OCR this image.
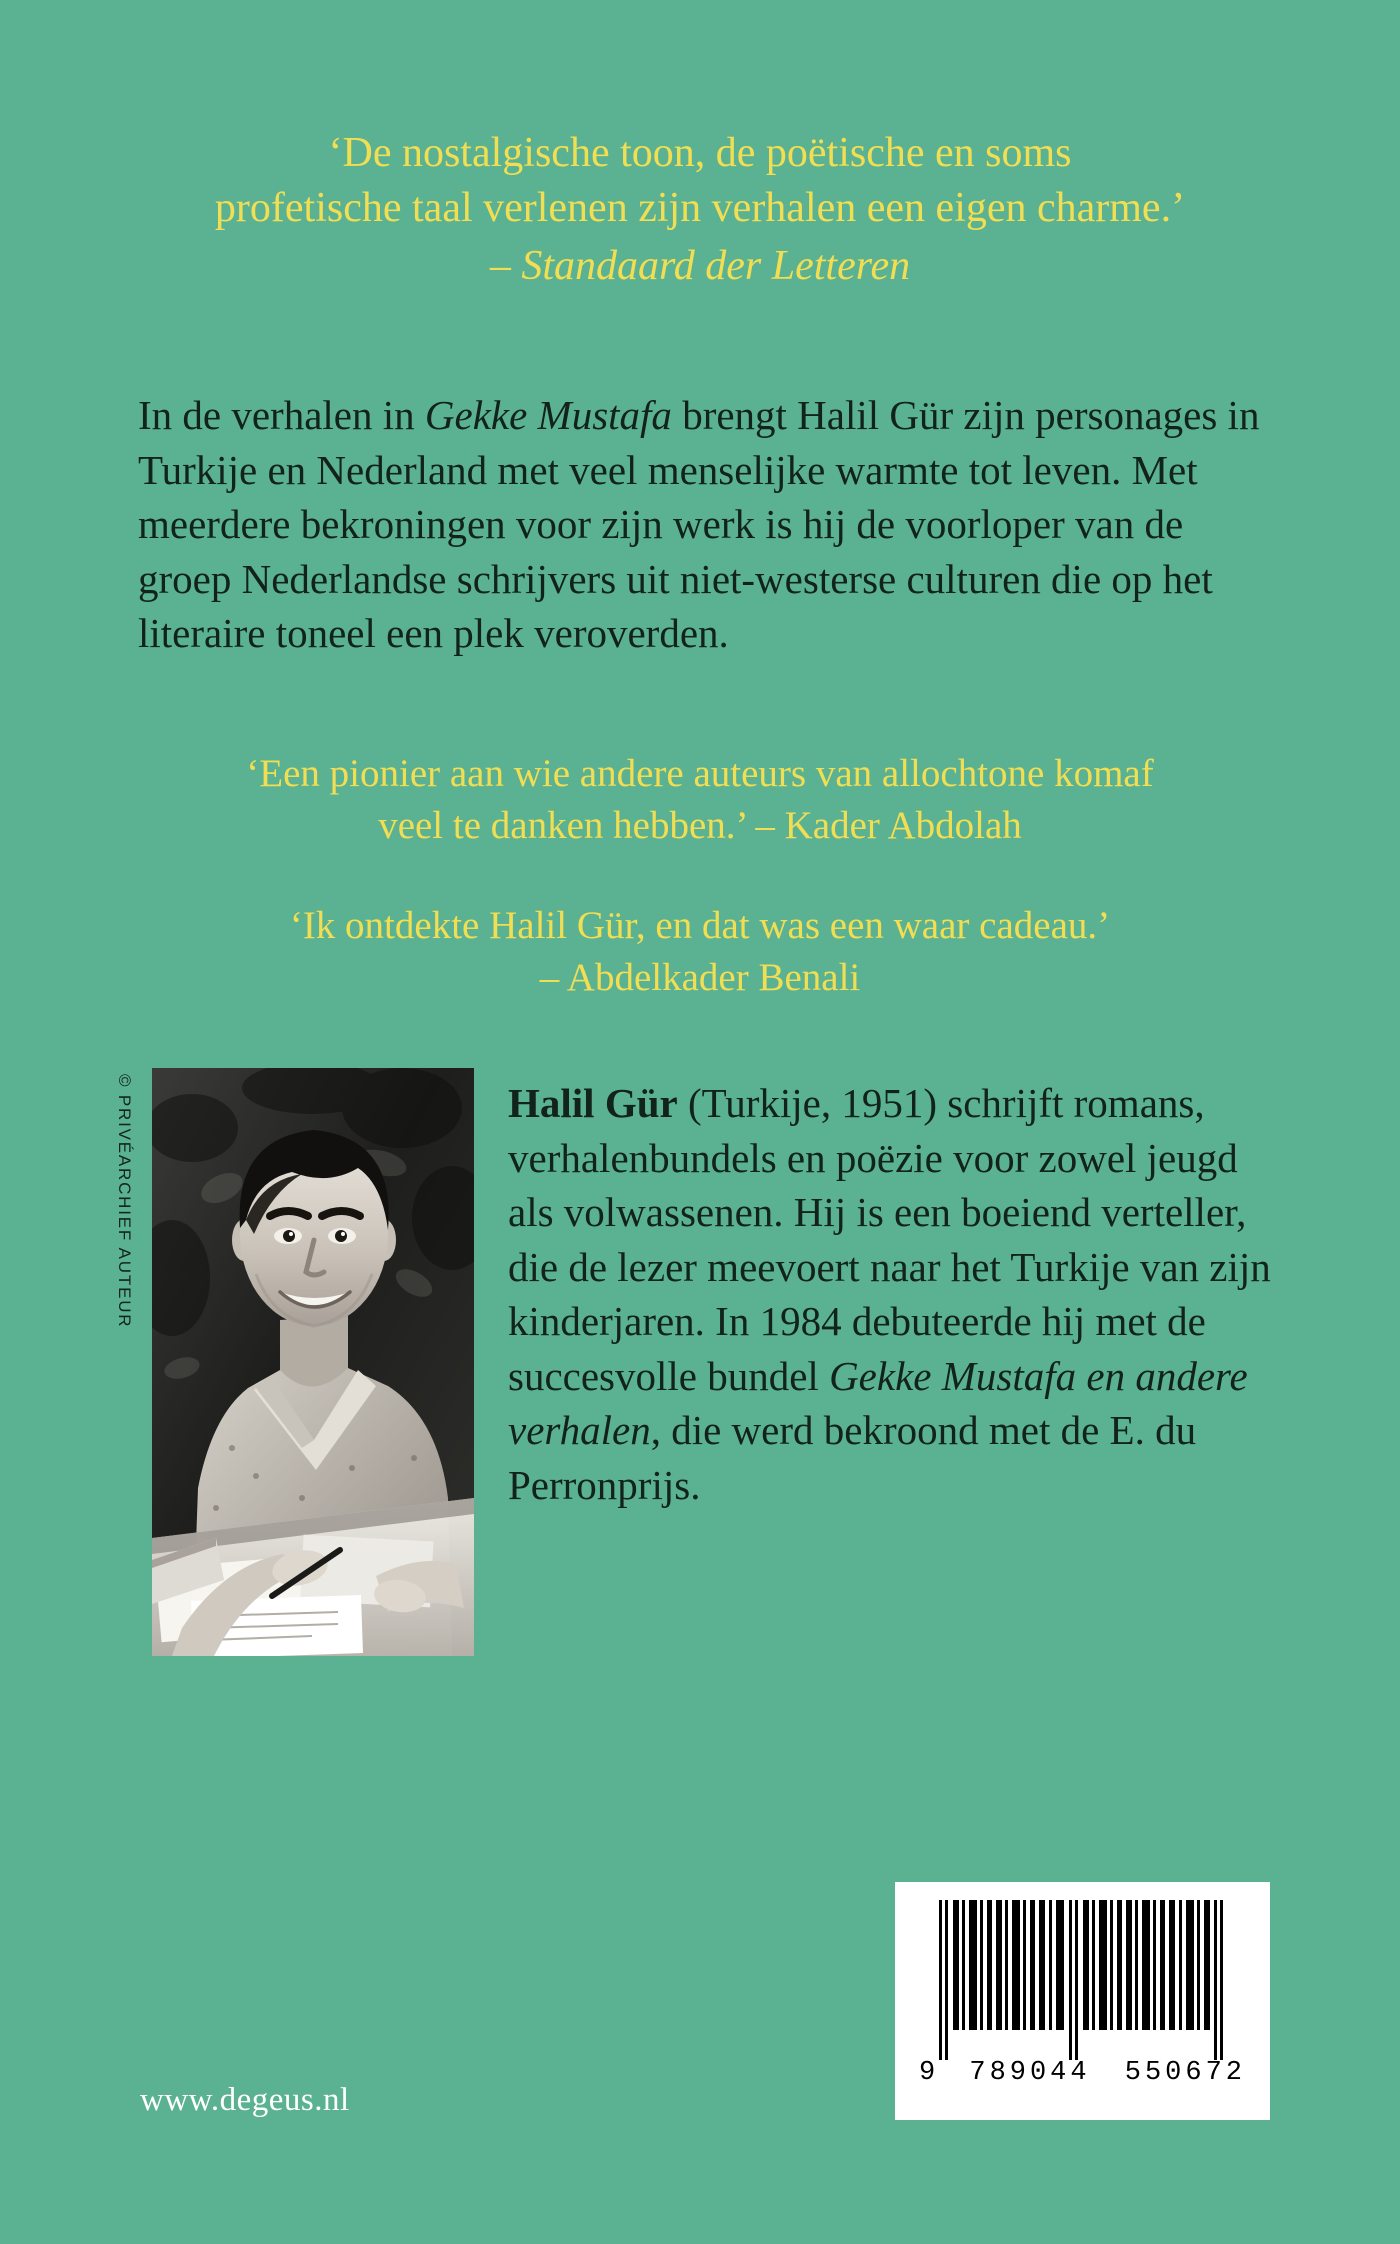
‘De nostalgische toon, de poëtische en soms
profetische taal verlenen zijn verhalen een eigen charme.’
– Standaard der Letteren
In de verhalen in Gekke Mustafa brengt Halil Gür zijn personages in Turkije en Nederland met veel menselijke warmte tot leven. Met meerdere bekroningen voor zijn werk is hij de voorloper van de groep Nederlandse schrijvers uit niet-westerse culturen die op het literaire toneel een plek veroverden.
‘Een pionier aan wie andere auteurs van allochtone komaf
veel te danken hebben.’ – Kader Abdolah
‘Ik ontdekte Halil Gür, en dat was een waar cadeau.’
– Abdelkader Benali
© PRIVÉARCHIEF AUTEUR	Halil Gür (Turkije, 1951) schrijft romans, verhalenbundels en poëzie voor zowel jeugd als volwassenen. Hij is een boeiend verteller, die de lezer meevoert naar het Turkije van zijn kinderjaren. In 1984 debuteerde hij met de succesvolle bundel Gekke Mustafa en andere verhalen, die werd bekroond met de E. du Perronprijs.
9 789044 550672
www.degeus.nl
